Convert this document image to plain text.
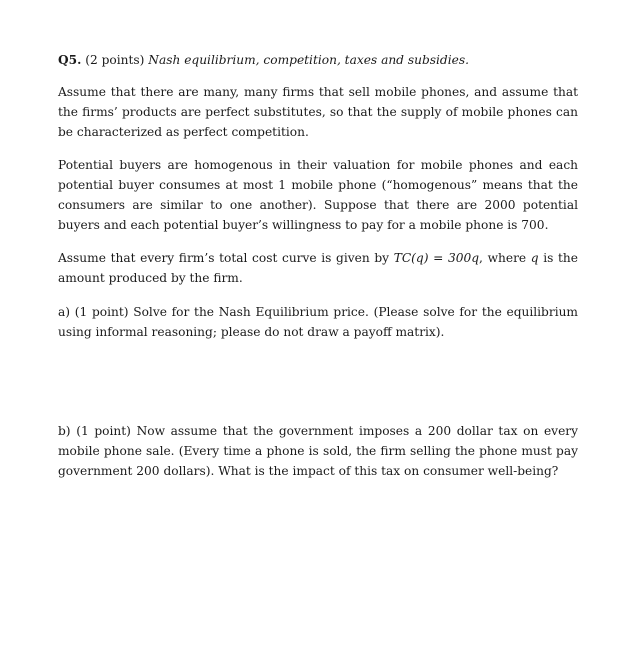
Q5. (2 points) Nash equilibrium, competition, taxes and subsidies.
Assume that there are many, many firms that sell mobile phones, and assume that the firms’ products are perfect substitutes, so that the supply of mobile phones can be characterized as perfect competition.
Potential buyers are homogenous in their valuation for mobile phones and each potential buyer consumes at most 1 mobile phone (“homogenous” means that the consumers are similar to one another). Suppose that there are 2000 potential buyers and each potential buyer’s willingness to pay for a mobile phone is 700.
Assume that every firm’s total cost curve is given by TC(q) = 300q, where q is the amount produced by the firm.
a) (1 point) Solve for the Nash Equilibrium price. (Please solve for the equilibrium using informal reasoning; please do not draw a payoff matrix).
b) (1 point) Now assume that the government imposes a 200 dollar tax on every mobile phone sale. (Every time a phone is sold, the firm selling the phone must pay government 200 dollars). What is the impact of this tax on consumer well-being?
